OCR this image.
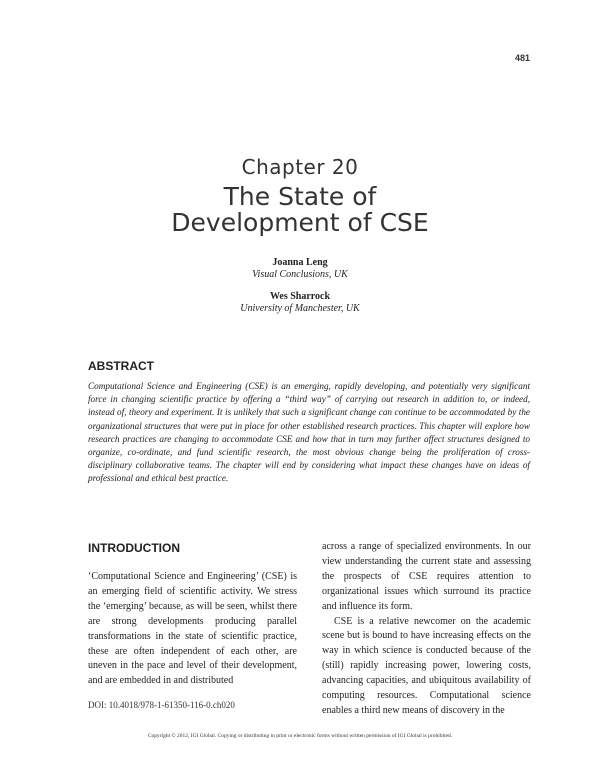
481
Chapter 20
The State of
Development of CSE
Joanna Leng
Visual Conclusions, UK
Wes Sharrock
University of Manchester, UK
ABSTRACT
Computational Science and Engineering (CSE) is an emerging, rapidly developing, and potentially very significant force in changing scientific practice by offering a “third way” of carrying out research in addition to, or indeed, instead of, theory and experiment. It is unlikely that such a significant change can continue to be accommodated by the organizational structures that were put in place for other established research practices. This chapter will explore how research practices are changing to accommodate CSE and how that in turn may further affect structures designed to organize, co-ordinate, and fund scientific research, the most obvious change being the proliferation of cross-disciplinary collaborative teams. The chapter will end by considering what impact these changes have on ideas of professional and ethical best practice.
INTRODUCTION

‘Computational Science and Engineering’ (CSE) is an emerging field of scientific activity. We stress the ‘emerging’ because, as will be seen, whilst there are strong developments producing parallel transformations in the state of scientific practice, these are often independent of each other, are uneven in the pace and level of their development, and are embedded in and distributed

across a range of specialized environments. In our view understanding the current state and assessing the prospects of CSE requires attention to organizational issues which surround its practice and influence its form.

CSE is a relative newcomer on the academic scene but is bound to have increasing effects on the way in which science is conducted because of the (still) rapidly increasing power, lowering costs, advancing capacities, and ubiquitous availability of computing resources. Computational science enables a third new means of discovery in the

DOI: 10.4018/978-1-61350-116-0.ch020
Copyright © 2012, IGI Global. Copying or distributing in print or electronic forms without written permission of IGI Global is prohibited.
